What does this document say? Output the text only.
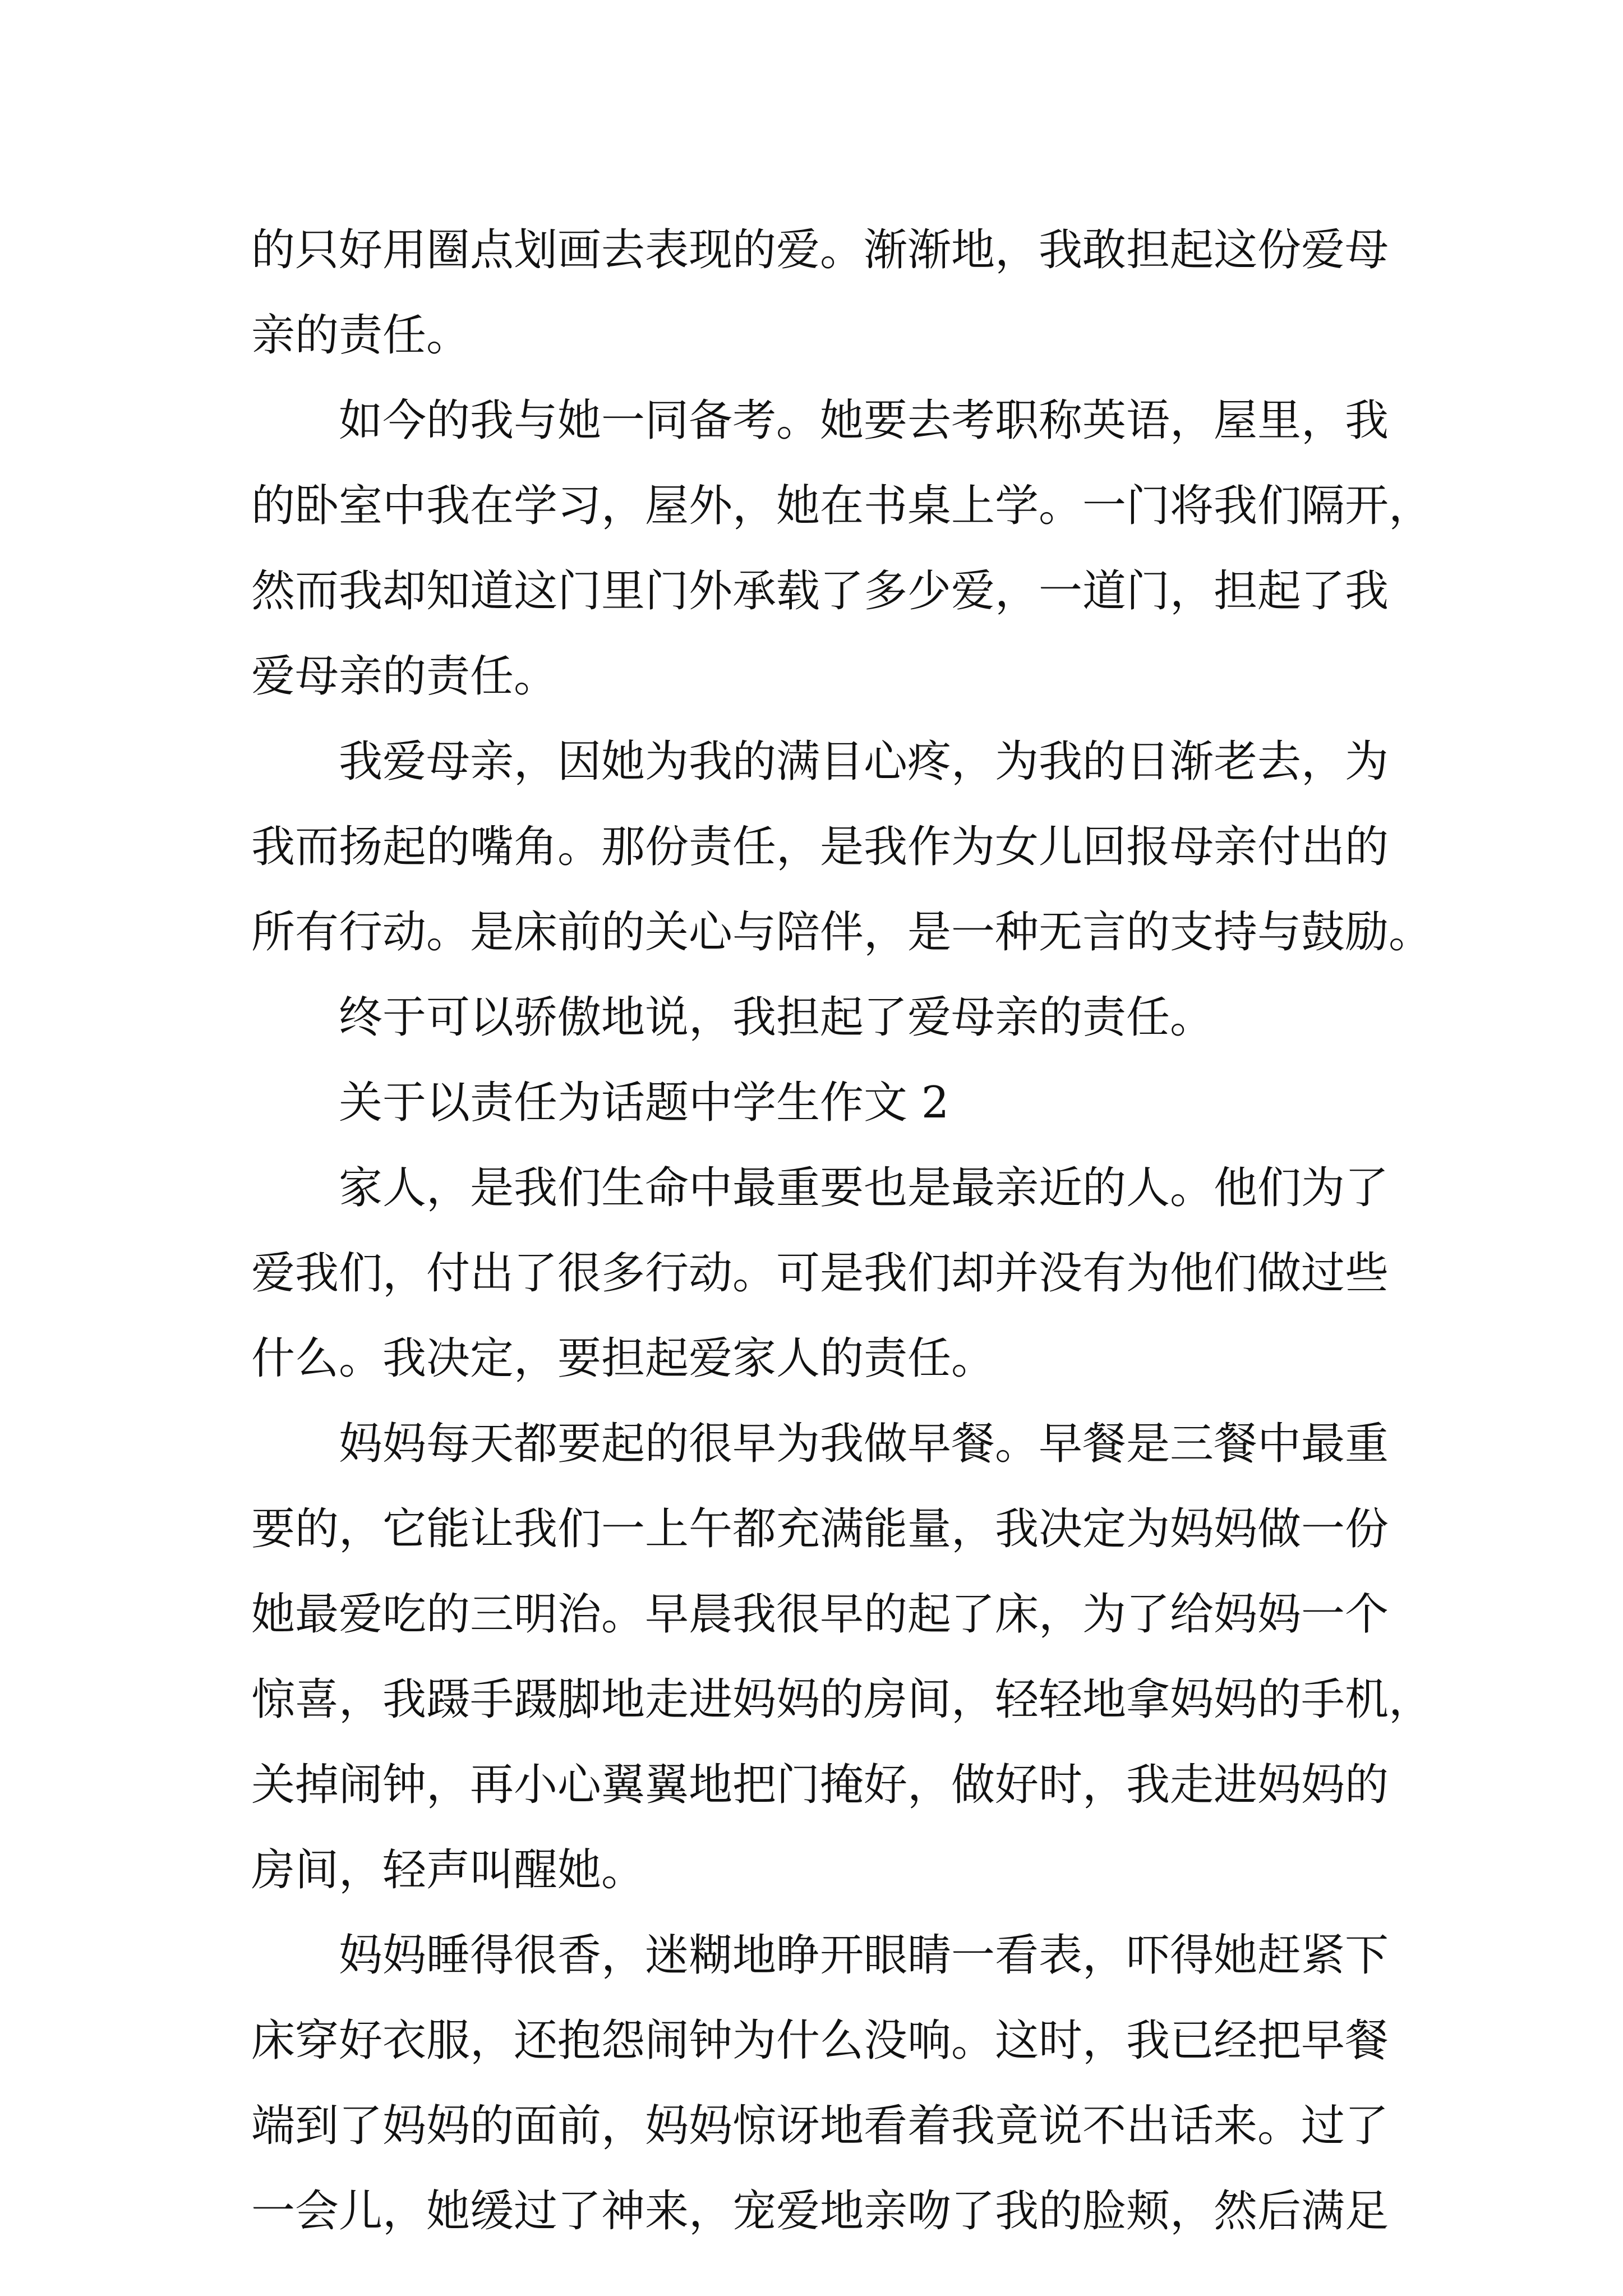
的只好用圈点划画去表现的爱。渐渐地，我敢担起这份爱母
亲的责任。
如今的我与她一同备考。她要去考职称英语，屋里，我
的卧室中我在学习，屋外，她在书桌上学。一门将我们隔开，
然而我却知道这门里门外承载了多少爱，一道门，担起了我
爱母亲的责任。
我爱母亲，因她为我的满目心疼，为我的日渐老去，为
我而扬起的嘴角。那份责任，是我作为女儿回报母亲付出的
所有行动。是床前的关心与陪伴，是一种无言的支持与鼓励。
终于可以骄傲地说，我担起了爱母亲的责任。
关于以责任为话题中学生作文 2
家人，是我们生命中最重要也是最亲近的人。他们为了
爱我们，付出了很多行动。可是我们却并没有为他们做过些
什么。我决定，要担起爱家人的责任。
妈妈每天都要起的很早为我做早餐。早餐是三餐中最重
要的，它能让我们一上午都充满能量，我决定为妈妈做一份
她最爱吃的三明治。早晨我很早的起了床，为了给妈妈一个
惊喜，我蹑手蹑脚地走进妈妈的房间，轻轻地拿妈妈的手机，
关掉闹钟，再小心翼翼地把门掩好，做好时，我走进妈妈的
房间，轻声叫醒她。
妈妈睡得很香，迷糊地睁开眼睛一看表，吓得她赶紧下
床穿好衣服，还抱怨闹钟为什么没响。这时，我已经把早餐
端到了妈妈的面前，妈妈惊讶地看着我竟说不出话来。过了
一会儿，她缓过了神来，宠爱地亲吻了我的脸颊，然后满足
